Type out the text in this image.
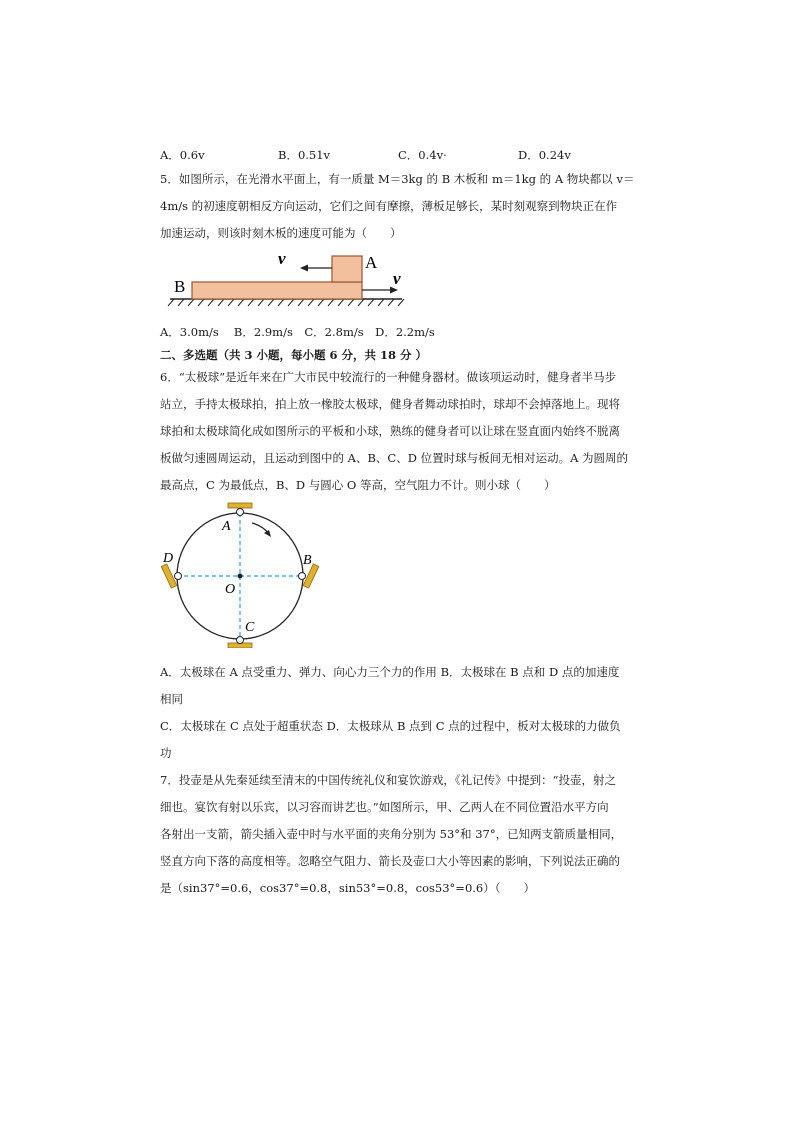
A．0.6v	B．0.51v	C．0.4v·	D．0.24v
5．如图所示，在光滑水平面上，有一质量 M＝3kg 的 B 木板和 m＝1kg 的 A 物块都以 v＝
4m/s 的初速度朝相反方向运动，它们之间有摩擦，薄板足够长，某时刻观察到物块正在作
加速运动，则该时刻木板的速度可能为（　　）
B
A
v
v
A．3.0m/s　 B．2.9m/s　C．2.8m/s　D．2.2m/s
二、多选题（共 3 小题，每小题 6 分，共 18 分 ）
6．“太极球”是近年来在广大市民中较流行的一种健身器材。做该项运动时，健身者半马步
站立，手持太极球拍，拍上放一橡胶太极球，健身者舞动球拍时，球却不会掉落地上。现将
球拍和太极球简化成如图所示的平板和小球，熟练的健身者可以让球在竖直面内始终不脱离
板做匀速圆周运动，且运动到图中的 A、B、C、D 位置时球与板间无相对运动。A 为圆周的
最高点，C 为最低点，B、D 与圆心 O 等高，空气阻力不计。则小球（　　）
A
B
C
D
O
A．太极球在 A 点受重力、弹力、向心力三个力的作用 B．太极球在 B 点和 D 点的加速度
相同
C．太极球在 C 点处于超重状态 D．太极球从 B 点到 C 点的过程中，板对太极球的力做负
功
7．投壶是从先秦延续至清末的中国传统礼仪和宴饮游戏，《礼记传》中提到：“投壶，射之
细也。宴饮有射以乐宾，以习容而讲艺也。”如图所示，甲、乙两人在不同位置沿水平方向
各射出一支箭，箭尖插入壶中时与水平面的夹角分别为 53°和 37°，已知两支箭质量相同，
竖直方向下落的高度相等。忽略空气阻力、箭长及壶口大小等因素的影响，下列说法正确的
是（sin37°=0.6，cos37°=0.8，sin53°=0.8，cos53°=0.6）（　　）
